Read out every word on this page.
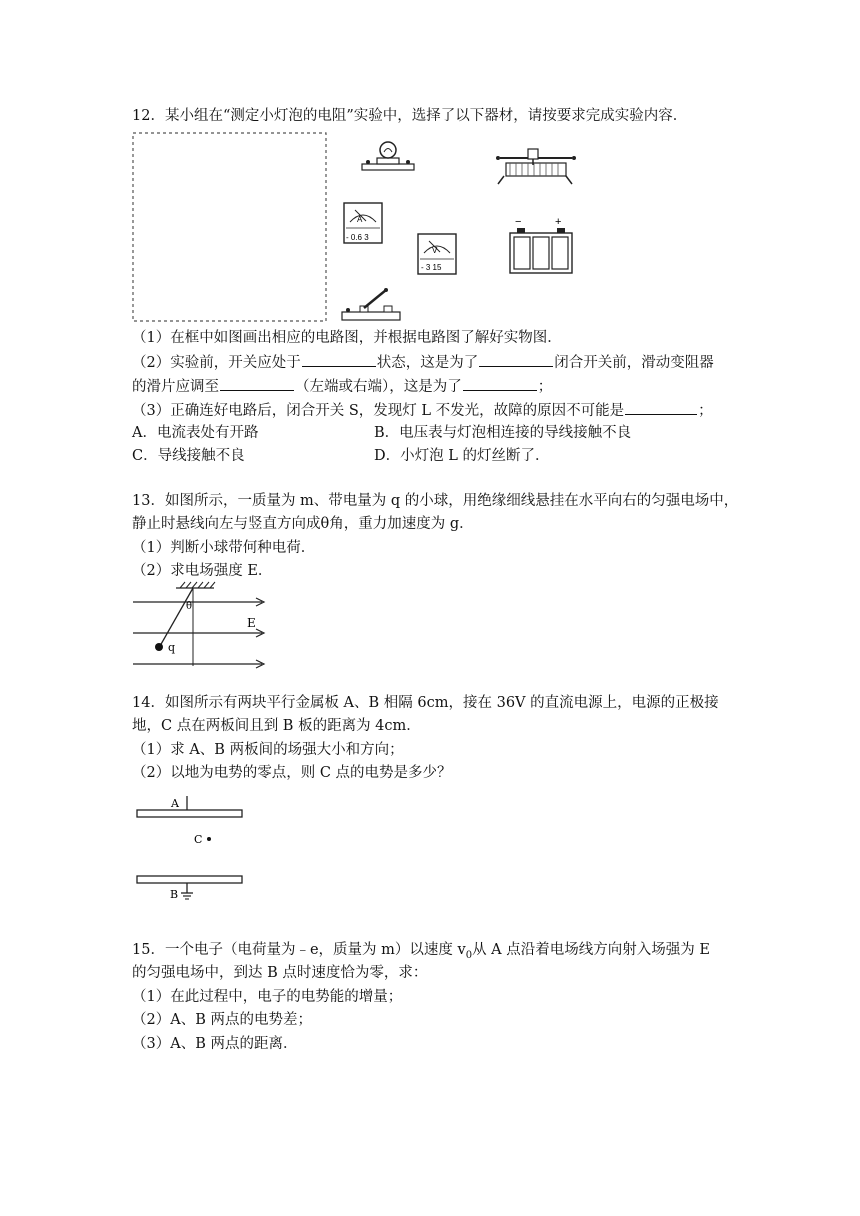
12．某小组在“测定小灯泡的电阻”实验中，选择了以下器材，请按要求完成实验内容．
A
- 0.6 3
V
- 3 15
−	+
（1）在框中如图画出相应的电路图，并根据电路图了解好实物图．
（2）实验前，开关应处于	状态，这是为了	闭合开关前，滑动变阻器
的滑片应调至	（左端或右端），这是为了	；
（3）正确连好电路后，闭合开关 S，发现灯 L 不发光，故障的原因不可能是	；
A．电流表处有开路	B．电压表与灯泡相连接的导线接触不良
C．导线接触不良	D．小灯泡 L 的灯丝断了．
13．如图所示，一质量为 m、带电量为 q 的小球，用绝缘细线悬挂在水平向右的匀强电场中，
静止时悬线向左与竖直方向成θ角，重力加速度为 g．
（1）判断小球带何种电荷．
（2）求电场强度 E．
θ
E
q
14．如图所示有两块平行金属板 A、B 相隔 6cm，接在 36V 的直流电源上，电源的正极接
地，C 点在两板间且到 B 板的距离为 4cm．
（1）求 A、B 两板间的场强大小和方向；
（2）以地为电势的零点，则 C 点的电势是多少？
A
C
B
15．一个电子（电荷量为﹣e，质量为 m）以速度 $v_0$从 A 点沿着电场线方向射入场强为 E
的匀强电场中，到达 B 点时速度恰为零，求：
（1）在此过程中，电子的电势能的增量；
（2）A、B 两点的电势差；
（3）A、B 两点的距离．
